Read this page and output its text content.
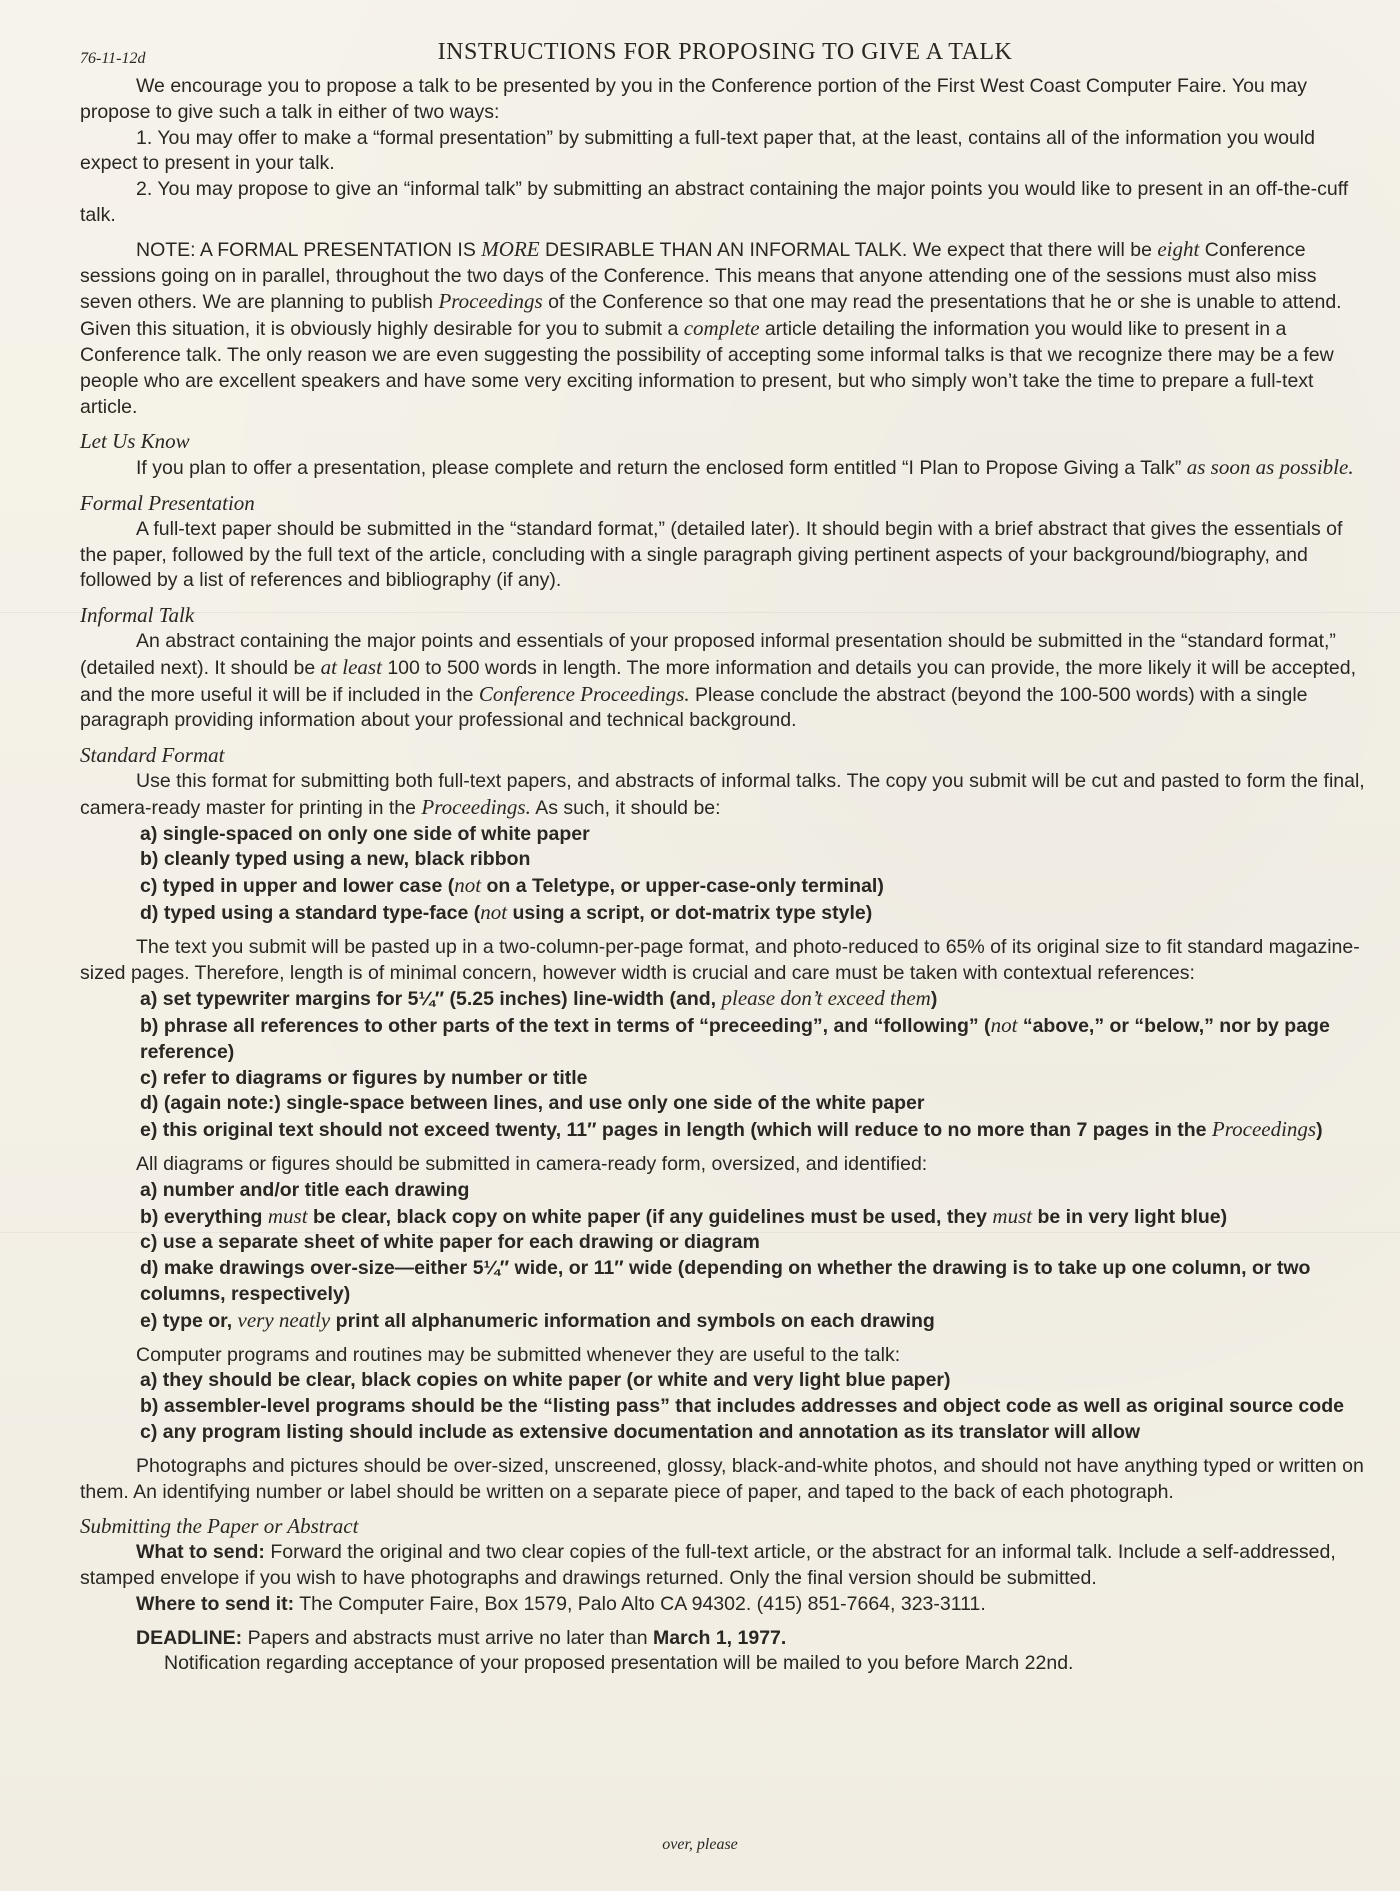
76-11-12d	INSTRUCTIONS FOR PROPOSING TO GIVE A TALK

We encourage you to propose a talk to be presented by you in the Conference portion of the First West Coast Computer Faire. You may propose to give such a talk in either of two ways:

1. You may offer to make a “formal presentation” by submitting a full-text paper that, at the least, contains all of the information you would expect to present in your talk.

2. You may propose to give an “informal talk” by submitting an abstract containing the major points you would like to present in an off-the-cuff talk.

NOTE: A FORMAL PRESENTATION IS MORE DESIRABLE THAN AN INFORMAL TALK. We expect that there will be eight Conference sessions going on in parallel, throughout the two days of the Conference. This means that anyone attending one of the sessions must also miss seven others. We are planning to publish Proceedings of the Conference so that one may read the presentations that he or she is unable to attend. Given this situation, it is obviously highly desirable for you to submit a complete article detailing the information you would like to present in a Conference talk. The only reason we are even suggesting the possibility of accepting some informal talks is that we recognize there may be a few people who are excellent speakers and have some very exciting information to present, but who simply won’t take the time to prepare a full-text article.

Let Us Know

If you plan to offer a presentation, please complete and return the enclosed form entitled “I Plan to Propose Giving a Talk” as soon as possible.

Formal Presentation

A full-text paper should be submitted in the “standard format,” (detailed later). It should begin with a brief abstract that gives the essentials of the paper, followed by the full text of the article, concluding with a single paragraph giving pertinent aspects of your background/biography, and followed by a list of references and bibliography (if any).

Informal Talk

An abstract containing the major points and essentials of your proposed informal presentation should be submitted in the “standard format,” (detailed next). It should be at least 100 to 500 words in length. The more information and details you can provide, the more likely it will be accepted, and the more useful it will be if included in the Conference Proceedings. Please conclude the abstract (beyond the 100-500 words) with a single paragraph providing information about your professional and technical background.

Standard Format

Use this format for submitting both full-text papers, and abstracts of informal talks. The copy you submit will be cut and pasted to form the final, camera-ready master for printing in the Proceedings. As such, it should be:

a) single-spaced on only one side of white paper
b) cleanly typed using a new, black ribbon
c) typed in upper and lower case (not on a Teletype, or upper-case-only terminal)
d) typed using a standard type-face (not using a script, or dot-matrix type style)

The text you submit will be pasted up in a two-column-per-page format, and photo-reduced to 65% of its original size to fit standard magazine-sized pages. Therefore, length is of minimal concern, however width is crucial and care must be taken with contextual references:

a) set typewriter margins for 5¼″ (5.25 inches) line-width (and, please don’t exceed them)
b) phrase all references to other parts of the text in terms of “preceeding”, and “following” (not “above,” or “below,” nor by page reference)
c) refer to diagrams or figures by number or title
d) (again note:) single-space between lines, and use only one side of the white paper
e) this original text should not exceed twenty, 11″ pages in length (which will reduce to no more than 7 pages in the Proceedings)

All diagrams or figures should be submitted in camera-ready form, oversized, and identified:

a) number and/or title each drawing
b) everything must be clear, black copy on white paper (if any guidelines must be used, they must be in very light blue)
c) use a separate sheet of white paper for each drawing or diagram
d) make drawings over-size—either 5¼″ wide, or 11″ wide (depending on whether the drawing is to take up one column, or two columns, respectively)
e) type or, very neatly print all alphanumeric information and symbols on each drawing

Computer programs and routines may be submitted whenever they are useful to the talk:

a) they should be clear, black copies on white paper (or white and very light blue paper)
b) assembler-level programs should be the “listing pass” that includes addresses and object code as well as original source code
c) any program listing should include as extensive documentation and annotation as its translator will allow

Photographs and pictures should be over-sized, unscreened, glossy, black-and-white photos, and should not have anything typed or written on them. An identifying number or label should be written on a separate piece of paper, and taped to the back of each photograph.

Submitting the Paper or Abstract

What to send: Forward the original and two clear copies of the full-text article, or the abstract for an informal talk. Include a self-addressed, stamped envelope if you wish to have photographs and drawings returned. Only the final version should be submitted.

Where to send it: The Computer Faire, Box 1579, Palo Alto CA 94302. (415) 851-7664, 323-3111.

DEADLINE: Papers and abstracts must arrive no later than March 1, 1977.

Notification regarding acceptance of your proposed presentation will be mailed to you before March 22nd.

over, please
